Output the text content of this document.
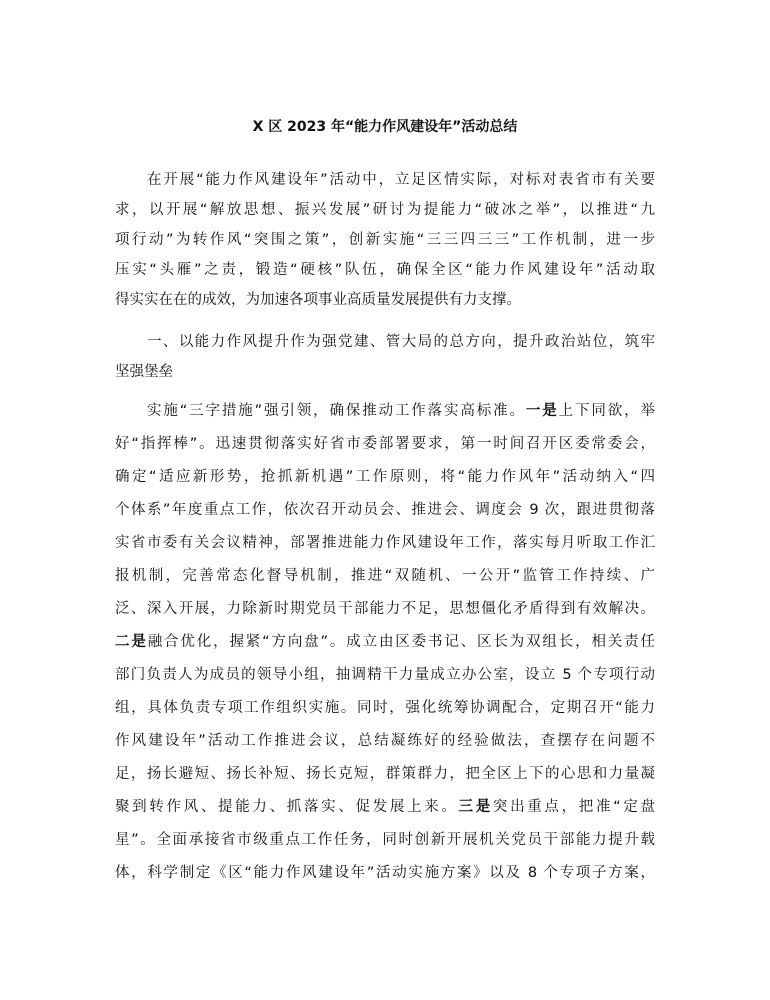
X 区 2023 年“能力作风建设年”活动总结
在开展“能力作风建设年”活动中，立足区情实际，对标对表省市有关要
求，以开展“解放思想、振兴发展”研讨为提能力“破冰之举”，以推进“九
项行动”为转作风“突围之策”，创新实施“三三四三三”工作机制，进一步
压实“头雁”之责，锻造“硬核”队伍，确保全区“能力作风建设年”活动取
得实实在在的成效，为加速各项事业高质量发展提供有力支撑。
一、以能力作风提升作为强党建、管大局的总方向，提升政治站位，筑牢
坚强堡垒
实施“三字措施”强引领，确保推动工作落实高标准。一是上下同欲，举
好“指挥棒”。迅速贯彻落实好省市委部署要求，第一时间召开区委常委会，
确定“适应新形势，抢抓新机遇”工作原则，将“能力作风年”活动纳入“四
个体系”年度重点工作，依次召开动员会、推进会、调度会 9 次，跟进贯彻落
实省市委有关会议精神，部署推进能力作风建设年工作，落实每月听取工作汇
报机制，完善常态化督导机制，推进“双随机、一公开”监管工作持续、广
泛、深入开展，力除新时期党员干部能力不足，思想僵化矛盾得到有效解决。
二是融合优化，握紧“方向盘”。成立由区委书记、区长为双组长，相关责任
部门负责人为成员的领导小组，抽调精干力量成立办公室，设立 5 个专项行动
组，具体负责专项工作组织实施。同时，强化统筹协调配合，定期召开“能力
作风建设年”活动工作推进会议，总结凝练好的经验做法，查摆存在问题不
足，扬长避短、扬长补短、扬长克短，群策群力，把全区上下的心思和力量凝
聚到转作风、提能力、抓落实、促发展上来。三是突出重点，把准“定盘
星”。全面承接省市级重点工作任务，同时创新开展机关党员干部能力提升载
体，科学制定《区“能力作风建设年”活动实施方案》以及 8 个专项子方案，
